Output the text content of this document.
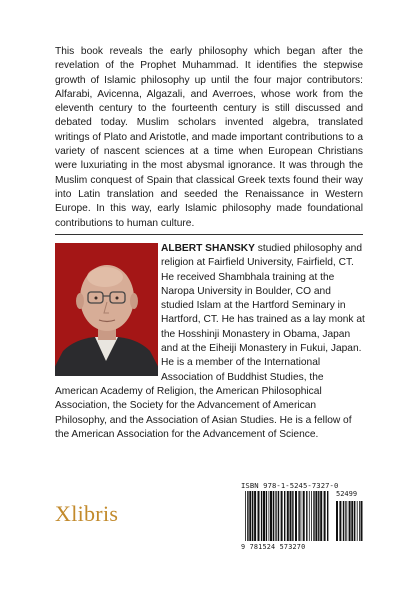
This book reveals the early philosophy which began after the revelation of the Prophet Muhammad. It identifies the stepwise growth of Islamic philosophy up until the four major contributors: Alfarabi, Avicenna, Algazali, and Averroes, whose work from the eleventh century to the fourteenth century is still discussed and debated today. Muslim scholars invented algebra, translated writings of Plato and Aristotle, and made important contributions to a variety of nascent sciences at a time when European Christians were luxuriating in the most abysmal ignorance. It was through the Muslim conquest of Spain that classical Greek texts found their way into Latin translation and seeded the Renaissance in Western Europe. In this way, early Islamic philosophy made foundational contributions to human culture.

ALBERT SHANSKY studied philosophy and religion at Fairfield University, Fairfield, CT. He received Shambhala training at the Naropa University in Boulder, CO and studied Islam at the Hartford Seminary in Hartford, CT. He has trained as a lay monk at the Hosshinji Monastery in Obama, Japan and at the Eiheiji Monastery in Fukui, Japan. He is a member of the International Association of Buddhist Studies, the American Academy of Religion, the American Philosophical Association, the Society for the Advancement of American Philosophy, and the Association of Asian Studies. He is a fellow of the American Association for the Advancement of Science.

Xlibris
ISBN 978-1-5245-7327-0
52499
9 781524 573270
